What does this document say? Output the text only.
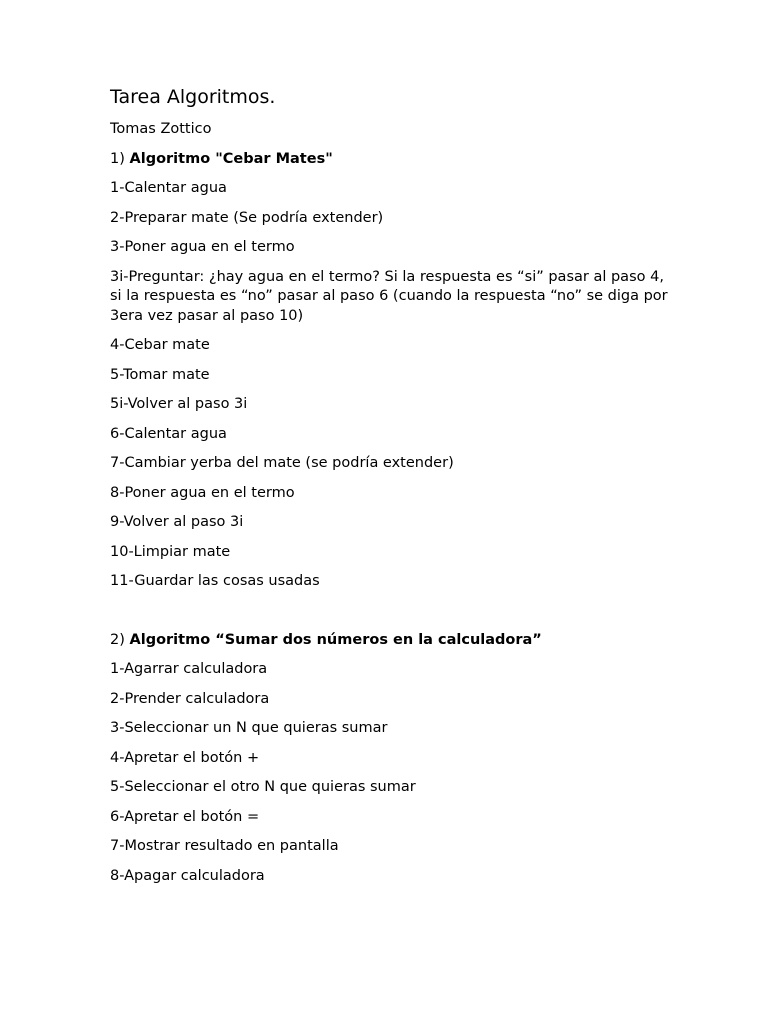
Tarea Algoritmos.
Tomas Zottico
1) Algoritmo "Cebar Mates"
1-Calentar agua
2-Preparar mate (Se podría extender)
3-Poner agua en el termo
3i-Preguntar: ¿hay agua en el termo? Si la respuesta es “si” pasar al paso 4, si la respuesta es “no” pasar al paso 6 (cuando la respuesta “no” se diga por 3era vez pasar al paso 10)
4-Cebar mate
5-Tomar mate
5i-Volver al paso 3i
6-Calentar agua
7-Cambiar yerba del mate (se podría extender)
8-Poner agua en el termo
9-Volver al paso 3i
10-Limpiar mate
11-Guardar las cosas usadas
2) Algoritmo “Sumar dos números en la calculadora”
1-Agarrar calculadora
2-Prender calculadora
3-Seleccionar un N que quieras sumar
4-Apretar el botón +
5-Seleccionar el otro N que quieras sumar
6-Apretar el botón =
7-Mostrar resultado en pantalla
8-Apagar calculadora
